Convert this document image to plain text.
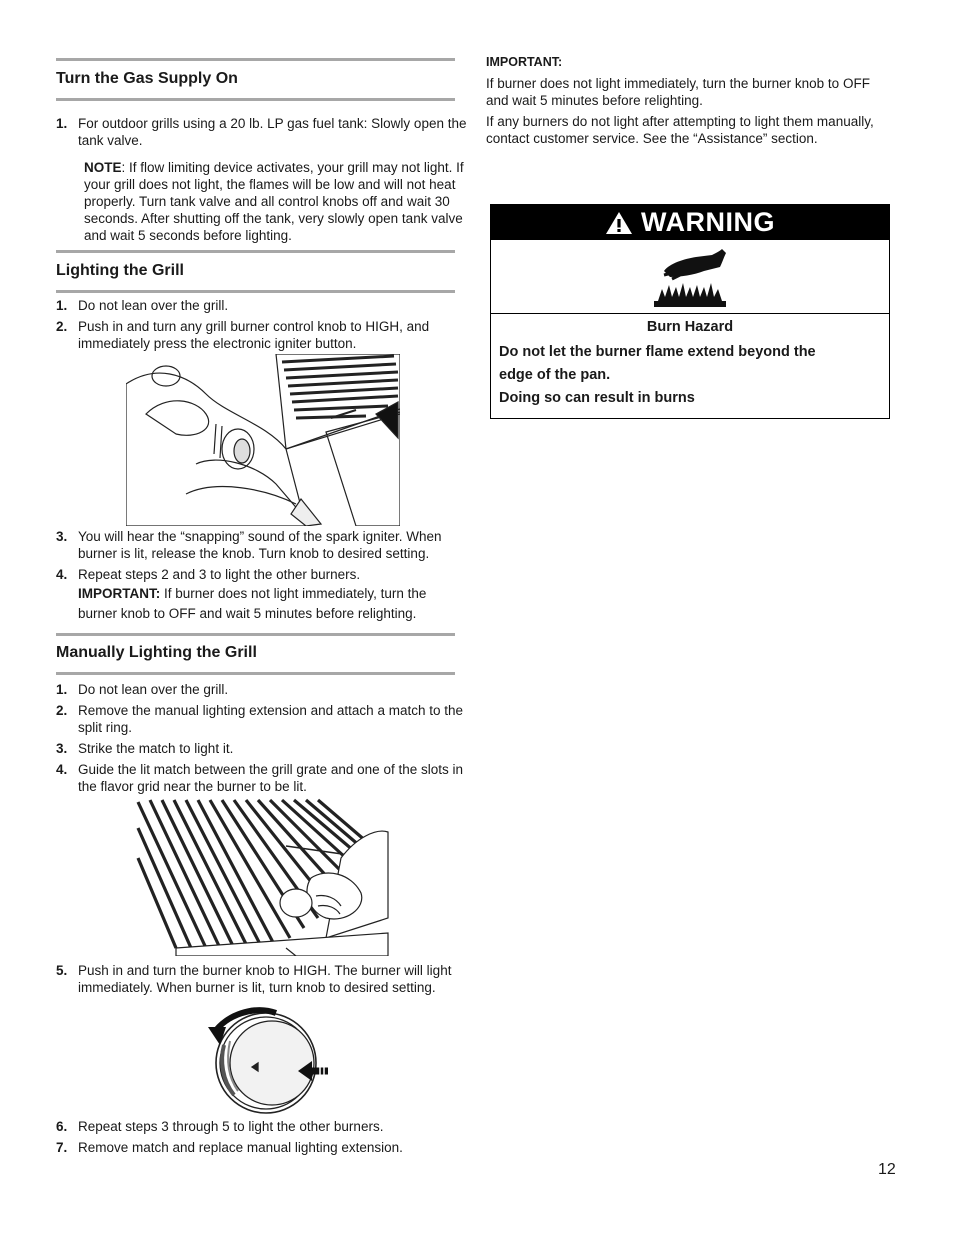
Turn the Gas Supply On
1. For outdoor grills using a 20 lb. LP gas fuel tank: Slowly open the tank valve.

NOTE: If flow limiting device activates, your grill may not light. If your grill does not light, the flames will be low and will not heat properly. Turn tank valve and all control knobs off and wait 30 seconds. After shutting off the tank, very slowly open tank valve and wait 5 seconds before lighting.

Lighting the Grill
1. Do not lean over the grill.
2. Push in and turn any grill burner control knob to HIGH, and immediately press the electronic igniter button.
3. You will hear the “snapping” sound of the spark igniter. When burner is lit, release the knob. Turn knob to desired setting.
4. Repeat steps 2 and 3 to light the other burners.

IMPORTANT: If burner does not light immediately, turn the burner knob to OFF and wait 5 minutes before relighting.

Manually Lighting the Grill
1. Do not lean over the grill.
2. Remove the manual lighting extension and attach a match to the split ring.
3. Strike the match to light it.
4. Guide the lit match between the grill grate and one of the slots in the flavor grid near the burner to be lit.
5. Push in and turn the burner knob to HIGH. The burner will light immediately. When burner is lit, turn knob to desired setting.
6. Repeat steps 3 through 5 to light the other burners.
7. Remove match and replace manual lighting extension.
IMPORTANT:

If burner does not light immediately, turn the burner knob to OFF and wait 5 minutes before relighting.

If any burners do not light after attempting to light them manually, contact customer service. See the “Assistance” section.

WARNING
Burn Hazard
Do not let the burner flame extend beyond the
edge of the pan.
Doing so can result in burns
12
